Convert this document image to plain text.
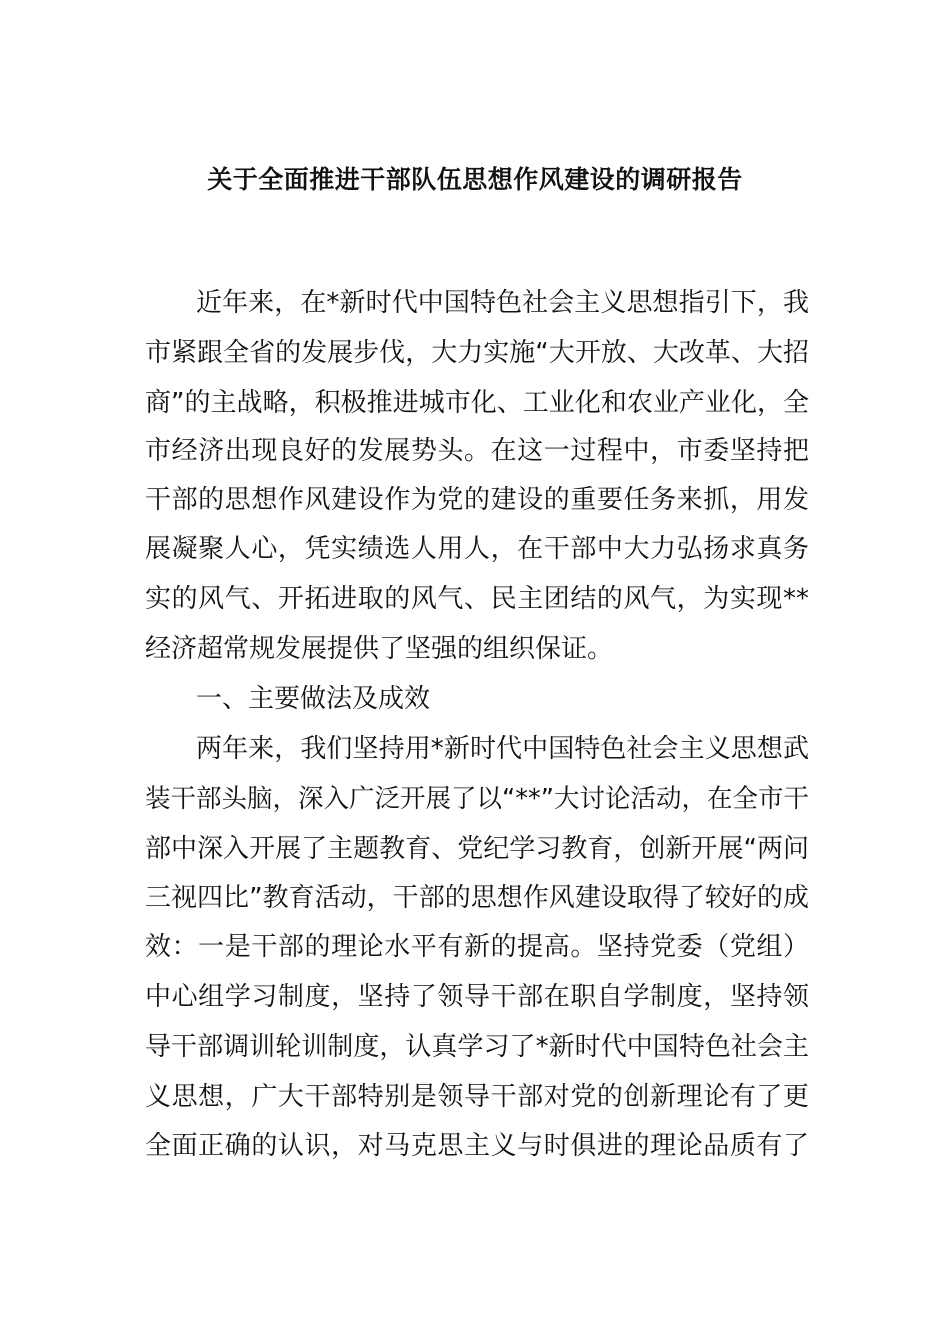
关于全面推进干部队伍思想作风建设的调研报告

近年来，在*新时代中国特色社会主义思想指引下，我

市紧跟全省的发展步伐，大力实施“大开放、大改革、大招

商”的主战略，积极推进城市化、工业化和农业产业化，全

市经济出现良好的发展势头。在这一过程中，市委坚持把

干部的思想作风建设作为党的建设的重要任务来抓，用发

展凝聚人心，凭实绩选人用人，在干部中大力弘扬求真务

实的风气、开拓进取的风气、民主团结的风气，为实现**

经济超常规发展提供了坚强的组织保证。

一、主要做法及成效

两年来，我们坚持用*新时代中国特色社会主义思想武

装干部头脑，深入广泛开展了以“**”大讨论活动，在全市干

部中深入开展了主题教育、党纪学习教育，创新开展“两问

三视四比”教育活动，干部的思想作风建设取得了较好的成

效：一是干部的理论水平有新的提高。坚持党委（党组）

中心组学习制度，坚持了领导干部在职自学制度，坚持领

导干部调训轮训制度，认真学习了*新时代中国特色社会主

义思想，广大干部特别是领导干部对党的创新理论有了更

全面正确的认识，对马克思主义与时俱进的理论品质有了
